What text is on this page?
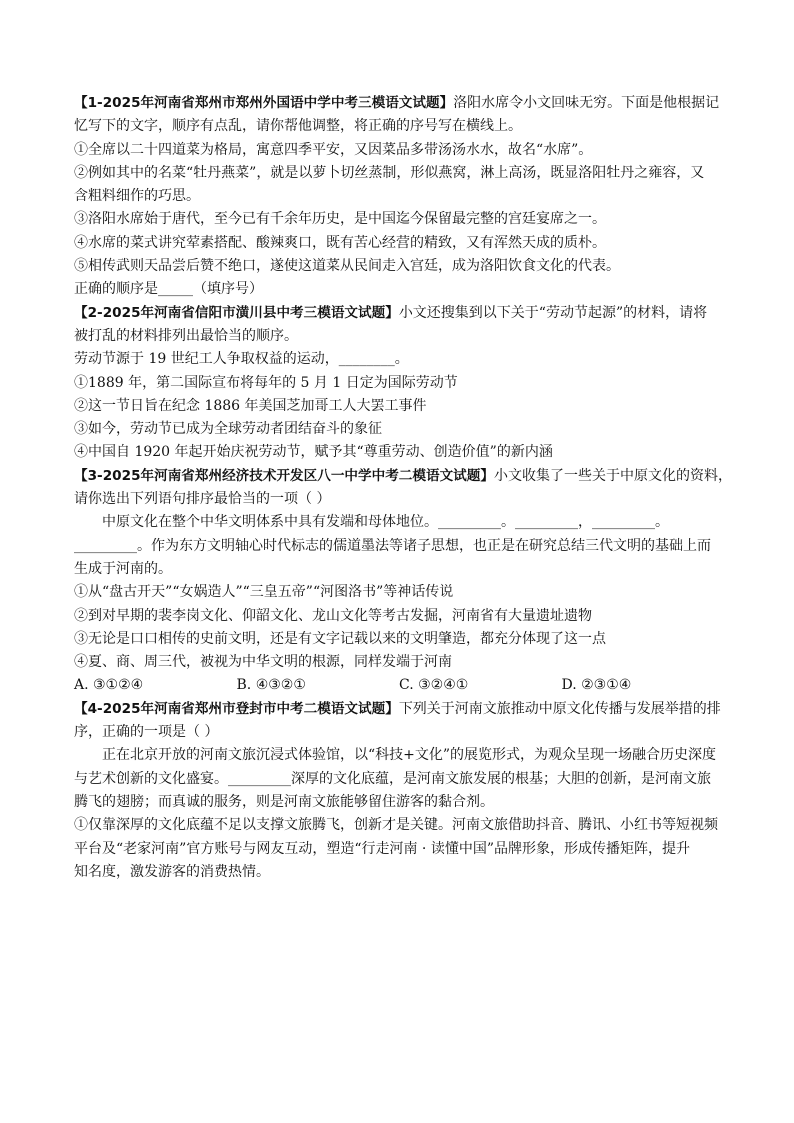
【1-2025年河南省郑州市郑州外国语中学中考三模语文试题】洛阳水席令小文回味无穷。下面是他根据记
忆写下的文字，顺序有点乱，请你帮他调整，将正确的序号写在横线上。
①全席以二十四道菜为格局，寓意四季平安，又因菜品多带汤汤水水，故名“水席”。
②例如其中的名菜“牡丹燕菜”，就是以萝卜切丝蒸制，形似燕窝，淋上高汤，既显洛阳牡丹之雍容，又
含粗料细作的巧思。
③洛阳水席始于唐代，至今已有千余年历史，是中国迄今保留最完整的宫廷宴席之一。
④水席的菜式讲究荤素搭配、酸辣爽口，既有苦心经营的精致，又有浑然天成的质朴。
⑤相传武则天品尝后赞不绝口，遂使这道菜从民间走入宫廷，成为洛阳饮食文化的代表。
正确的顺序是_____（填序号）
【2-2025年河南省信阳市潢川县中考三模语文试题】小文还搜集到以下关于“劳动节起源”的材料，请将
被打乱的材料排列出最恰当的顺序。
劳动节源于 19 世纪工人争取权益的运动，________。
①1889 年，第二国际宣布将每年的 5 月 1 日定为国际劳动节
②这一节日旨在纪念 1886 年美国芝加哥工人大罢工事件
③如今，劳动节已成为全球劳动者团结奋斗的象征
④中国自 1920 年起开始庆祝劳动节，赋予其“尊重劳动、创造价值”的新内涵
【3-2025年河南省郑州经济技术开发区八一中学中考二模语文试题】小文收集了一些关于中原文化的资料，
请你选出下列语句排序最恰当的一项（ ）
中原文化在整个中华文明体系中具有发端和母体地位。_________。_________，_________。
_________。作为东方文明轴心时代标志的儒道墨法等诸子思想，也正是在研究总结三代文明的基础上而
生成于河南的。
①从“盘古开天”“女娲造人”“三皇五帝”“河图洛书”等神话传说
②到对早期的裴李岗文化、仰韶文化、龙山文化等考古发掘，河南省有大量遗址遗物
③无论是口口相传的史前文明，还是有文字记载以来的文明肇造，都充分体现了这一点
④夏、商、周三代，被视为中华文明的根源，同样发端于河南
A. ③①②④	B. ④③②①	C. ③②④①	D. ②③①④
【4-2025年河南省郑州市登封市中考二模语文试题】下列关于河南文旅推动中原文化传播与发展举措的排
序，正确的一项是（ ）
正在北京开放的河南文旅沉浸式体验馆，以“科技+文化”的展览形式，为观众呈现一场融合历史深度
与艺术创新的文化盛宴。_________深厚的文化底蕴，是河南文旅发展的根基；大胆的创新，是河南文旅
腾飞的翅膀；而真诚的服务，则是河南文旅能够留住游客的黏合剂。
①仅靠深厚的文化底蕴不足以支撑文旅腾飞，创新才是关键。河南文旅借助抖音、腾讯、小红书等短视频
平台及“老家河南”官方账号与网友互动，塑造“行走河南 · 读懂中国”品牌形象，形成传播矩阵，提升
知名度，激发游客的消费热情。
